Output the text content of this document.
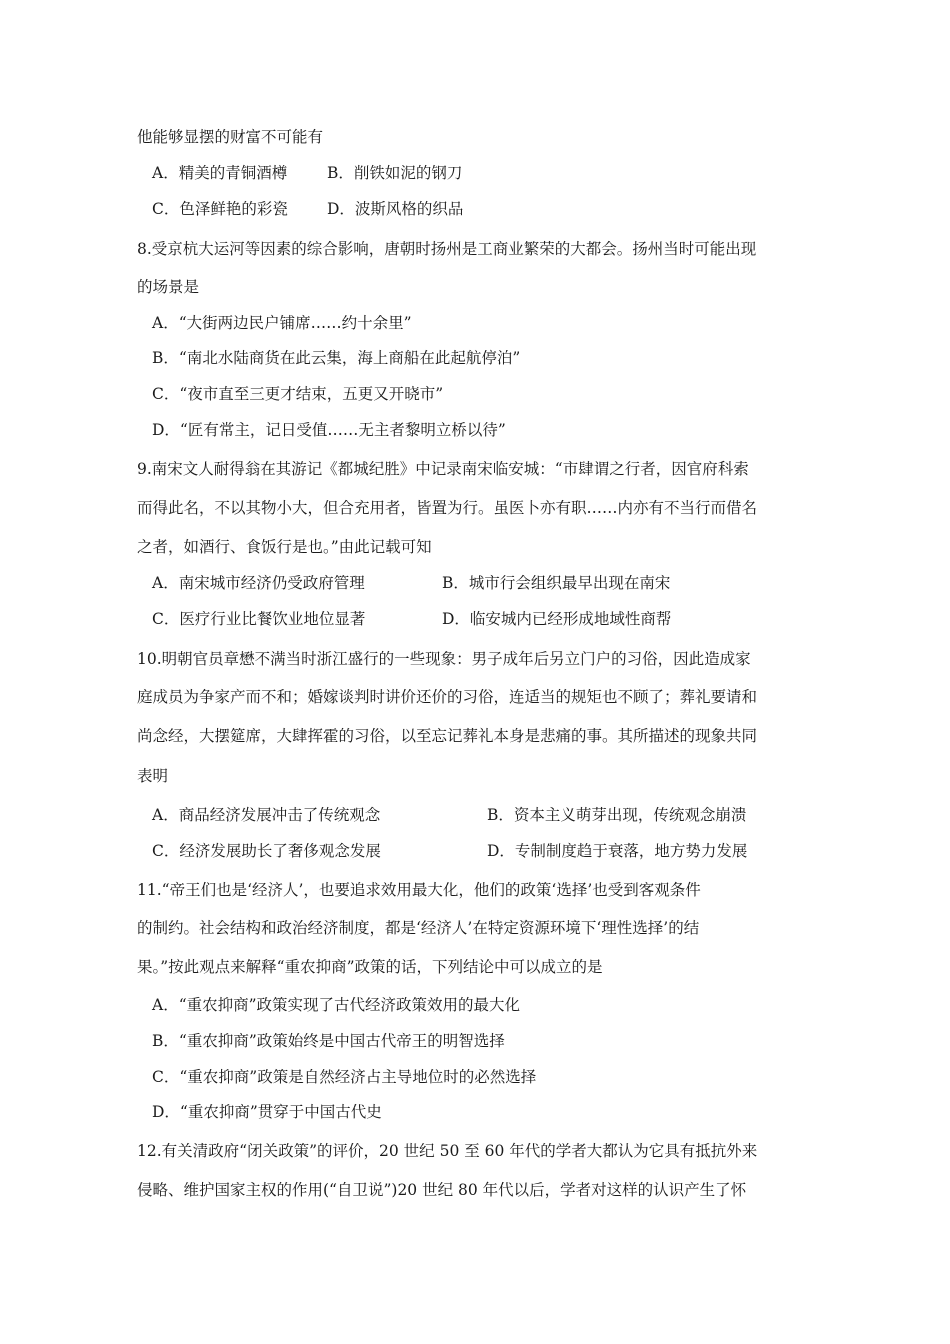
他能够显摆的财富不可能有
A．精美的青铜酒樽	B．削铁如泥的钢刀
C．色泽鲜艳的彩瓷	D．波斯风格的织品
8.受京杭大运河等因素的综合影响，唐朝时扬州是工商业繁荣的大都会。扬州当时可能出现
的场景是
A．“大街两边民户铺席……约十余里”
B．“南北水陆商货在此云集，海上商船在此起航停泊”
C．“夜市直至三更才结束，五更又开晓市”
D．“匠有常主，记日受值……无主者黎明立桥以待”
9.南宋文人耐得翁在其游记《都城纪胜》中记录南宋临安城：“市肆谓之行者，因官府科索
而得此名，不以其物小大，但合充用者，皆置为行。虽医卜亦有职……内亦有不当行而借名
之者，如酒行、食饭行是也。”由此记载可知
A．南宋城市经济仍受政府管理	B．城市行会组织最早出现在南宋
C．医疗行业比餐饮业地位显著	D．临安城内已经形成地域性商帮
10.明朝官员章懋不满当时浙江盛行的一些现象：男子成年后另立门户的习俗，因此造成家
庭成员为争家产而不和；婚嫁谈判时讲价还价的习俗，连适当的规矩也不顾了；葬礼要请和
尚念经，大摆筵席，大肆挥霍的习俗，以至忘记葬礼本身是悲痛的事。其所描述的现象共同
表明
A．商品经济发展冲击了传统观念	B．资本主义萌芽出现，传统观念崩溃
C．经济发展助长了奢侈观念发展	D．专制制度趋于衰落，地方势力发展
11.“帝王们也是‘经济人’，也要追求效用最大化，他们的政策‘选择’也受到客观条件
的制约。社会结构和政治经济制度，都是‘经济人’在特定资源环境下‘理性选择’的结
果。”按此观点来解释“重农抑商”政策的话，下列结论中可以成立的是
A．“重农抑商”政策实现了古代经济政策效用的最大化
B．“重农抑商”政策始终是中国古代帝王的明智选择
C．“重农抑商”政策是自然经济占主导地位时的必然选择
D．“重农抑商”贯穿于中国古代史
12.有关清政府“闭关政策”的评价，20 世纪 50 至 60 年代的学者大都认为它具有抵抗外来
侵略、维护国家主权的作用(“自卫说”)20 世纪 80 年代以后，学者对这样的认识产生了怀
